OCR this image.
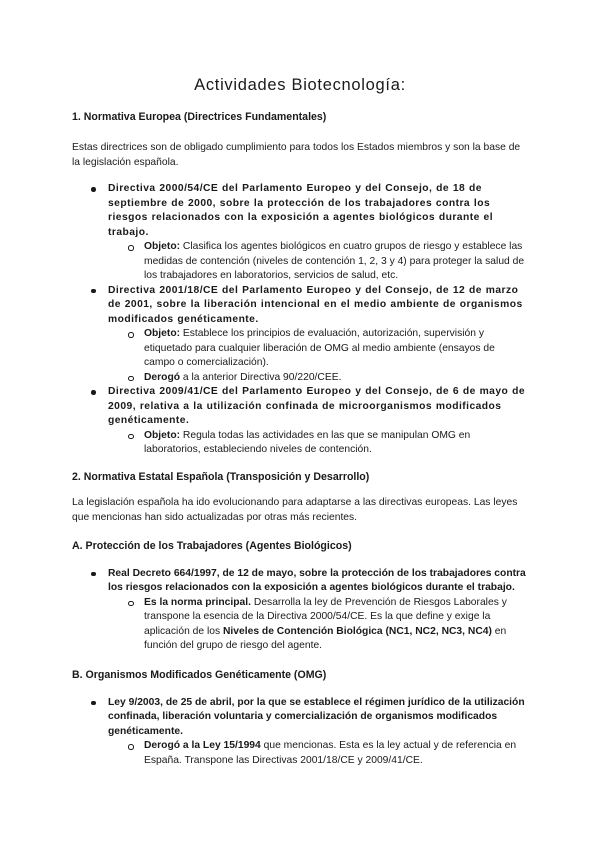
Actividades Biotecnología:
1. Normativa Europea (Directrices Fundamentales)

Estas directrices son de obligado cumplimiento para todos los Estados miembros y son la base de la legislación española.

Directiva 2000/54/CE del Parlamento Europeo y del Consejo, de 18 de septiembre de 2000, sobre la protección de los trabajadores contra los riesgos relacionados con la exposición a agentes biológicos durante el trabajo.
Objeto: Clasifica los agentes biológicos en cuatro grupos de riesgo y establece las medidas de contención (niveles de contención 1, 2, 3 y 4) para proteger la salud de los trabajadores en laboratorios, servicios de salud, etc.
Directiva 2001/18/CE del Parlamento Europeo y del Consejo, de 12 de marzo de 2001, sobre la liberación intencional en el medio ambiente de organismos modificados genéticamente.
Objeto: Establece los principios de evaluación, autorización, supervisión y etiquetado para cualquier liberación de OMG al medio ambiente (ensayos de campo o comercialización).
Derogó a la anterior Directiva 90/220/CEE.
Directiva 2009/41/CE del Parlamento Europeo y del Consejo, de 6 de mayo de 2009, relativa a la utilización confinada de microorganismos modificados genéticamente.
Objeto: Regula todas las actividades en las que se manipulan OMG en laboratorios, estableciendo niveles de contención.
2. Normativa Estatal Española (Transposición y Desarrollo)

La legislación española ha ido evolucionando para adaptarse a las directivas europeas. Las leyes que mencionas han sido actualizadas por otras más recientes.

A. Protección de los Trabajadores (Agentes Biológicos)
Real Decreto 664/1997, de 12 de mayo, sobre la protección de los trabajadores contra los riesgos relacionados con la exposición a agentes biológicos durante el trabajo.
Es la norma principal. Desarrolla la ley de Prevención de Riesgos Laborales y transpone la esencia de la Directiva 2000/54/CE. Es la que define y exige la aplicación de los Niveles de Contención Biológica (NC1, NC2, NC3, NC4) en función del grupo de riesgo del agente.
B. Organismos Modificados Genéticamente (OMG)
Ley 9/2003, de 25 de abril, por la que se establece el régimen jurídico de la utilización confinada, liberación voluntaria y comercialización de organismos modificados genéticamente.
Derogó a la Ley 15/1994 que mencionas. Esta es la ley actual y de referencia en España. Transpone las Directivas 2001/18/CE y 2009/41/CE.
